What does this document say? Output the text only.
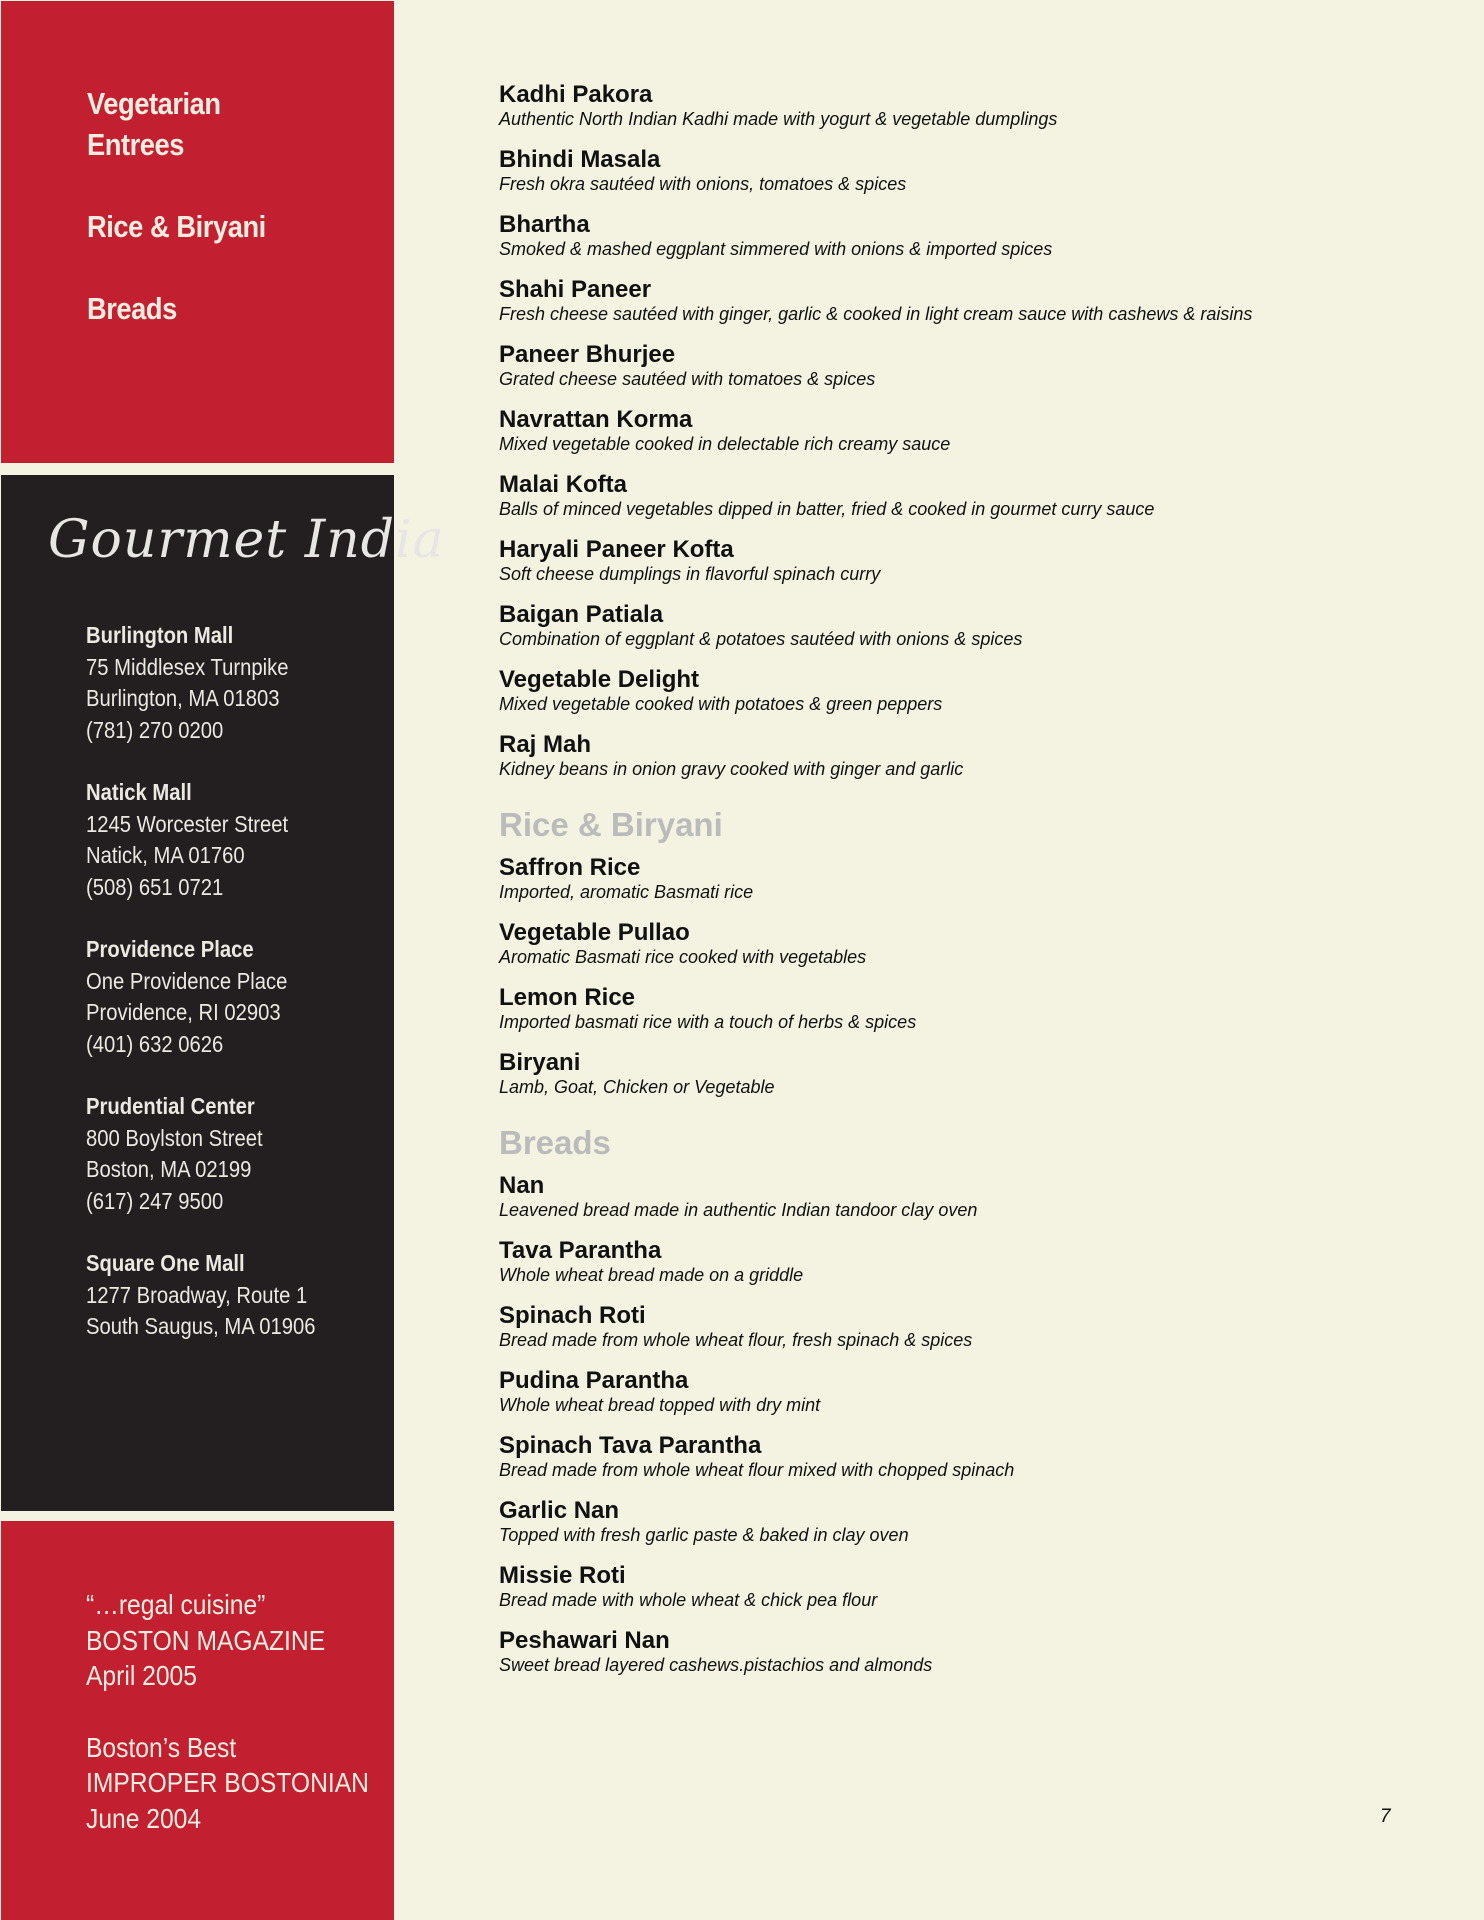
Vegetarian
Entrees
Rice & Biryani
Breads
Gourmet India
Burlington Mall
75 Middlesex Turnpike
Burlington, MA 01803
(781) 270 0200
Natick Mall
1245 Worcester Street
Natick, MA 01760
(508) 651 0721
Providence Place
One Providence Place
Providence, RI 02903
(401) 632 0626
Prudential Center
800 Boylston Street
Boston, MA 02199
(617) 247 9500
Square One Mall
1277 Broadway, Route 1
South Saugus, MA 01906
“…regal cuisine”
BOSTON MAGAZINE
April 2005
Boston’s Best
IMPROPER BOSTONIAN
June 2004
Kadhi Pakora
Authentic North Indian Kadhi made with yogurt & vegetable dumplings
Bhindi Masala
Fresh okra sautéed with onions, tomatoes & spices
Bhartha
Smoked & mashed eggplant simmered with onions & imported spices
Shahi Paneer
Fresh cheese sautéed with ginger, garlic & cooked in light cream sauce with cashews & raisins
Paneer Bhurjee
Grated cheese sautéed with tomatoes & spices
Navrattan Korma
Mixed vegetable cooked in delectable rich creamy sauce
Malai Kofta
Balls of minced vegetables dipped in batter, fried & cooked in gourmet curry sauce
Haryali Paneer Kofta
Soft cheese dumplings in flavorful spinach curry
Baigan Patiala
Combination of eggplant & potatoes sautéed with onions & spices
Vegetable Delight
Mixed vegetable cooked with potatoes & green peppers
Raj Mah
Kidney beans in onion gravy cooked with ginger and garlic
Rice & Biryani
Saffron Rice
Imported, aromatic Basmati rice
Vegetable Pullao
Aromatic Basmati rice cooked with vegetables
Lemon Rice
Imported basmati rice with a touch of herbs & spices
Biryani
Lamb, Goat, Chicken or Vegetable
Breads
Nan
Leavened bread made in authentic Indian tandoor clay oven
Tava Parantha
Whole wheat bread made on a griddle
Spinach Roti
Bread made from whole wheat flour, fresh spinach & spices
Pudina Parantha
Whole wheat bread topped with dry mint
Spinach Tava Parantha
Bread made from whole wheat flour mixed with chopped spinach
Garlic Nan
Topped with fresh garlic paste & baked in clay oven
Missie Roti
Bread made with whole wheat & chick pea flour
Peshawari Nan
Sweet bread layered cashews.pistachios and almonds
7
